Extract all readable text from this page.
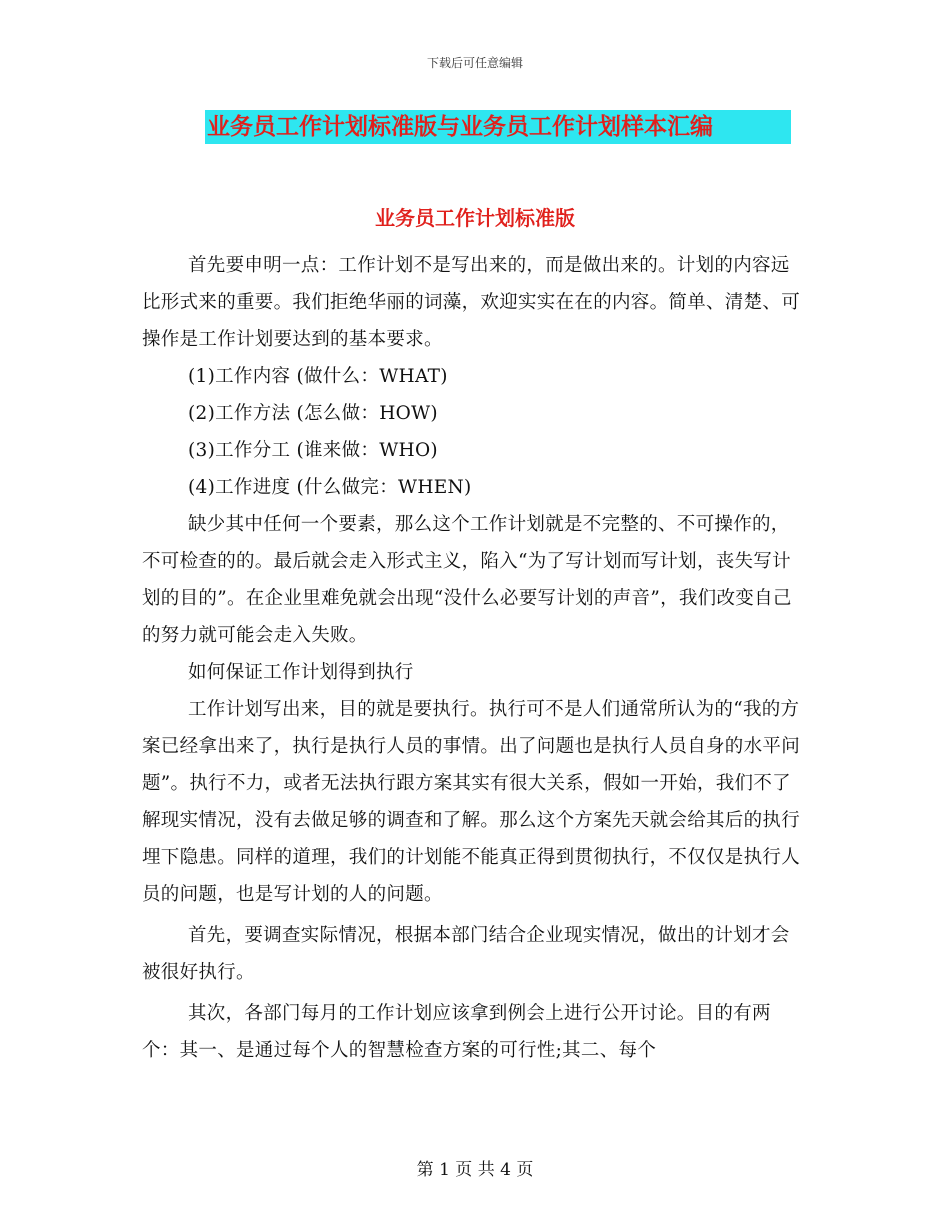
下载后可任意编辑
业务员工作计划标准版与业务员工作计划样本汇编
业务员工作计划标准版

首先要申明一点：工作计划不是写出来的，而是做出来的。计划的内容远比形式来的重要。我们拒绝华丽的词藻，欢迎实实在在的内容。简单、清楚、可操作是工作计划要达到的基本要求。

(1)工作内容 (做什么：WHAT)

(2)工作方法 (怎么做：HOW)

(3)工作分工 (谁来做：WHO)

(4)工作进度 (什么做完：WHEN)

缺少其中任何一个要素，那么这个工作计划就是不完整的、不可操作的，不可检查的的。最后就会走入形式主义，陷入“为了写计划而写计划，丧失写计划的目的”。在企业里难免就会出现“没什么必要写计划的声音”，我们改变自己的努力就可能会走入失败。

如何保证工作计划得到执行

工作计划写出来，目的就是要执行。执行可不是人们通常所认为的“我的方案已经拿出来了，执行是执行人员的事情。出了问题也是执行人员自身的水平问题”。执行不力，或者无法执行跟方案其实有很大关系，假如一开始，我们不了解现实情况，没有去做足够的调查和了解。那么这个方案先天就会给其后的执行埋下隐患。同样的道理，我们的计划能不能真正得到贯彻执行，不仅仅是执行人员的问题，也是写计划的人的问题。

首先，要调查实际情况，根据本部门结合企业现实情况，做出的计划才会被很好执行。

其次，各部门每月的工作计划应该拿到例会上进行公开讨论。目的有两个：其一、是通过每个人的智慧检查方案的可行性;其二、每个

第 1 页 共 4 页
